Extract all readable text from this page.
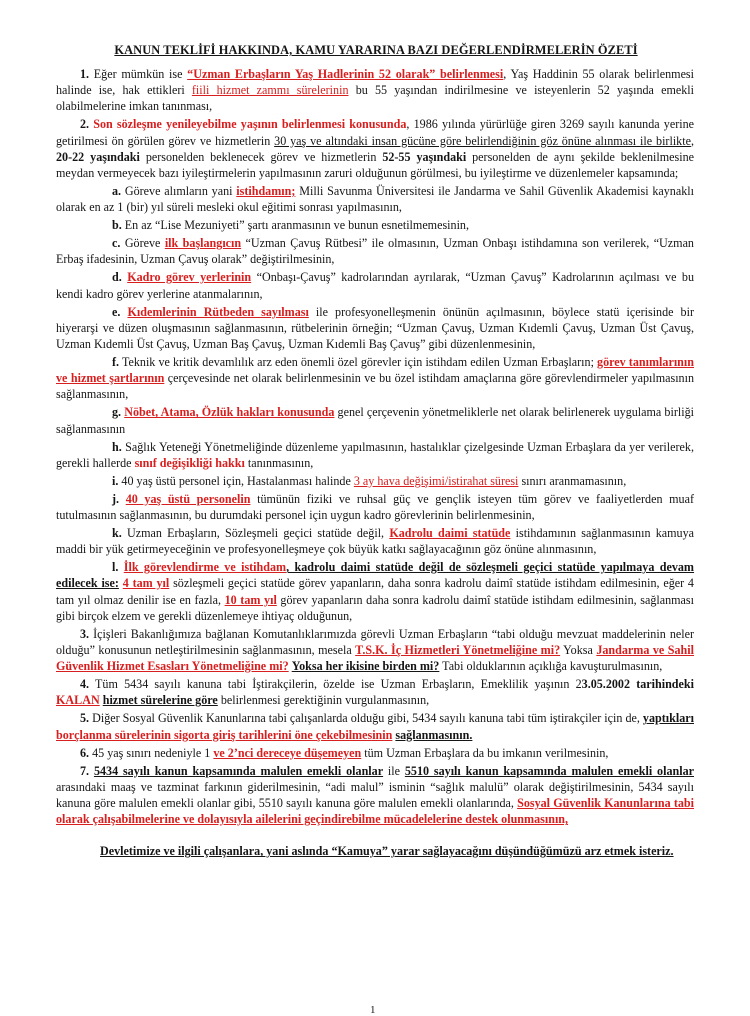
KANUN TEKLİFİ HAKKINDA, KAMU YARARINA BAZI DEĞERLENDİRMELERİN ÖZETİ

1. Eğer mümkün ise “Uzman Erbaşların Yaş Hadlerinin 52 olarak” belirlenmesi, Yaş Haddinin 55 olarak belirlenmesi halinde ise, hak ettikleri fiili hizmet zammı sürelerinin bu 55 yaşından indirilmesine ve isteyenlerin 52 yaşında emekli olabilmelerine imkan tanınması,

2. Son sözleşme yenileyebilme yaşının belirlenmesi konusunda, 1986 yılında yürürlüğe giren 3269 sayılı kanunda yerine getirilmesi ön görülen görev ve hizmetlerin 30 yaş ve altındaki insan gücüne göre belirlendiğinin göz önüne alınması ile birlikte, 20-22 yaşındaki personelden beklenecek görev ve hizmetlerin 52-55 yaşındaki personelden de aynı şekilde beklenilmesine meydan vermeyecek bazı iyileştirmelerin yapılmasının zaruri olduğunun görülmesi, bu iyileştirme ve düzenlemeler kapsamında;

a. Göreve alımların yani istihdamın; Milli Savunma Üniversitesi ile Jandarma ve Sahil Güvenlik Akademisi kaynaklı olarak en az 1 (bir) yıl süreli mesleki okul eğitimi sonrası yapılmasının,

b. En az “Lise Mezuniyeti” şartı aranmasının ve bunun esnetilmemesinin,

c. Göreve ilk başlangıcın “Uzman Çavuş Rütbesi” ile olmasının, Uzman Onbaşı istihdamına son verilerek, “Uzman Erbaş ifadesinin, Uzman Çavuş olarak” değiştirilmesinin,

d. Kadro görev yerlerinin “Onbaşı-Çavuş” kadrolarından ayrılarak, “Uzman Çavuş” Kadrolarının açılması ve bu kendi kadro görev yerlerine atanmalarının,

e. Kıdemlerinin Rütbeden sayılması ile profesyonelleşmenin önünün açılmasının, böylece statü içerisinde bir hiyerarşi ve düzen oluşmasının sağlanmasının, rütbelerinin örneğin; “Uzman Çavuş, Uzman Kıdemli Çavuş, Uzman Üst Çavuş, Uzman Kıdemli Üst Çavuş, Uzman Baş Çavuş, Uzman Kıdemli Baş Çavuş” gibi düzenlenmesinin,

f. Teknik ve kritik devamlılık arz eden önemli özel görevler için istihdam edilen Uzman Erbaşların; görev tanımlarının ve hizmet şartlarının çerçevesinde net olarak belirlenmesinin ve bu özel istihdam amaçlarına göre görevlendirmeler yapılmasının sağlanmasının,

g. Nöbet, Atama, Özlük hakları konusunda genel çerçevenin yönetmeliklerle net olarak belirlenerek uygulama birliği sağlanmasının

h. Sağlık Yeteneği Yönetmeliğinde düzenleme yapılmasının, hastalıklar çizelgesinde Uzman Erbaşlara da yer verilerek, gerekli hallerde sınıf değişikliği hakkı tanınmasının,

i. 40 yaş üstü personel için, Hastalanması halinde 3 ay hava değişimi/istirahat süresi sınırı aranmamasının,

j. 40 yaş üstü personelin tümünün fiziki ve ruhsal güç ve gençlik isteyen tüm görev ve faaliyetlerden muaf tutulmasının sağlanmasının, bu durumdaki personel için uygun kadro görevlerinin belirlenmesinin,

k. Uzman Erbaşların, Sözleşmeli geçici statüde değil, Kadrolu daimi statüde istihdamının sağlanmasının kamuya maddi bir yük getirmeyeceğinin ve profesyonelleşmeye çok büyük katkı sağlayacağının göz önüne alınmasının,

l. İlk görevlendirme ve istihdam, kadrolu daimi statüde değil de sözleşmeli geçici statüde yapılmaya devam edilecek ise: 4 tam yıl sözleşmeli geçici statüde görev yapanların, daha sonra kadrolu daimî statüde istihdam edilmesinin, eğer 4 tam yıl olmaz denilir ise en fazla, 10 tam yıl görev yapanların daha sonra kadrolu daimî statüde istihdam edilmesinin, sağlanması gibi birçok elzem ve gerekli düzenlemeye ihtiyaç olduğunun,

3. İçişleri Bakanlığımıza bağlanan Komutanlıklarımızda görevli Uzman Erbaşların “tabi olduğu mevzuat maddelerinin neler olduğu” konusunun netleştirilmesinin sağlanmasının, mesela T.S.K. İç Hizmetleri Yönetmeliğine mi? Yoksa Jandarma ve Sahil Güvenlik Hizmet Esasları Yönetmeliğine mi? Yoksa her ikisine birden mi? Tabi olduklarının açıklığa kavuşturulmasının,

4. Tüm 5434 sayılı kanuna tabi İştirakçilerin, özelde ise Uzman Erbaşların, Emeklilik yaşının 23.05.2002 tarihindeki KALAN hizmet sürelerine göre belirlenmesi gerektiğinin vurgulanmasının,

5. Diğer Sosyal Güvenlik Kanunlarına tabi çalışanlarda olduğu gibi, 5434 sayılı kanuna tabi tüm iştirakçiler için de, yaptıkları borçlanma sürelerinin sigorta giriş tarihlerini öne çekebilmesinin sağlanmasının.

6. 45 yaş sınırı nedeniyle 1 ve 2’nci dereceye düşemeyen tüm Uzman Erbaşlara da bu imkanın verilmesinin,

7. 5434 sayılı kanun kapsamında malulen emekli olanlar ile 5510 sayılı kanun kapsamında malulen emekli olanlar arasındaki maaş ve tazminat farkının giderilmesinin, “adi malul” isminin “sağlık malulü” olarak değiştirilmesinin, 5434 sayılı kanuna göre malulen emekli olanlar gibi, 5510 sayılı kanuna göre malulen emekli olanlarında, Sosyal Güvenlik Kanunlarına tabi olarak çalışabilmelerine ve dolayısıyla ailelerini geçindirebilme mücadelelerine destek olunmasının,

Devletimize ve ilgili çalışanlara, yani aslında “Kamuya” yarar sağlayacağını düşündüğümüzü arz etmek isteriz.

1
